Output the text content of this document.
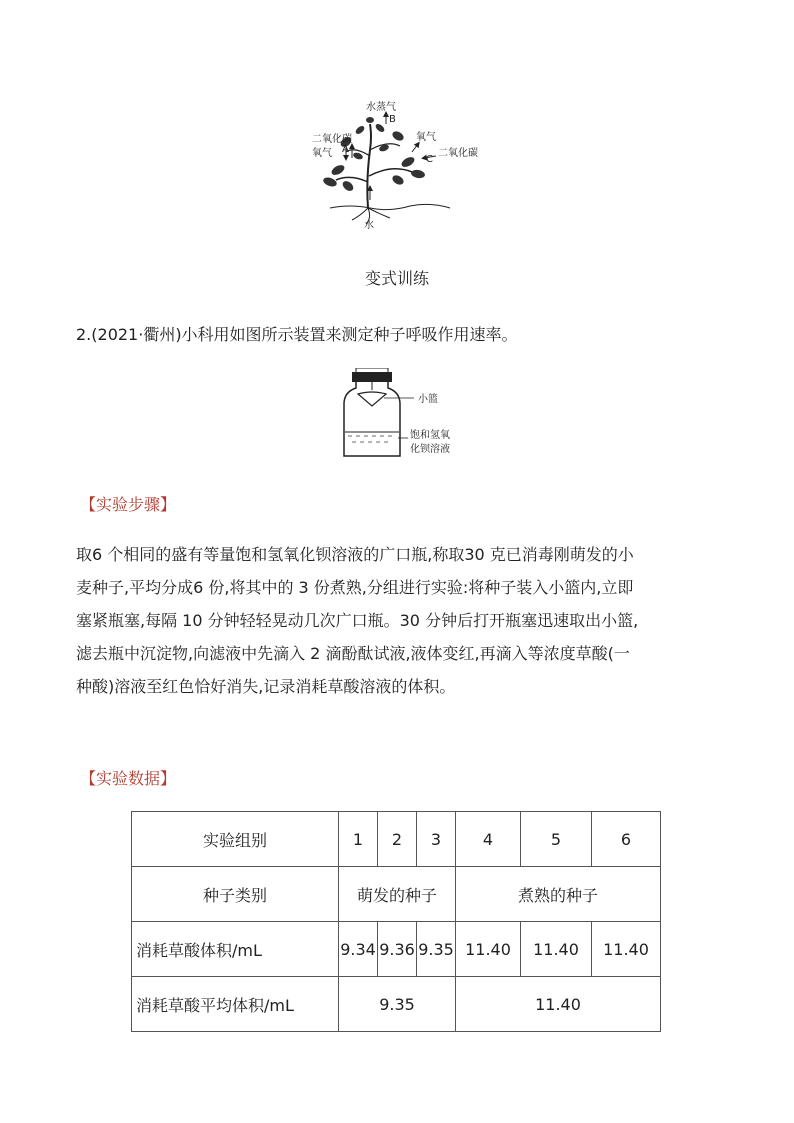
水蒸气
B
二氧化碳
氧气 A
氧气
C
二氧化碳
水
变式训练
2.(2021·衢州)小科用如图所示装置来测定种子呼吸作用速率。
小篮
饱和氢氧
化钡溶液
【实验步骤】

取6 个相同的盛有等量饱和氢氧化钡溶液的广口瓶,称取30 克已消毒刚萌发的小

麦种子,平均分成6 份,将其中的 3 份煮熟,分组进行实验:将种子装入小篮内,立即

塞紧瓶塞,每隔 10 分钟轻轻晃动几次广口瓶。30 分钟后打开瓶塞迅速取出小篮,

滤去瓶中沉淀物,向滤液中先滴入 2 滴酚酞试液,液体变红,再滴入等浓度草酸(一

种酸)溶液至红色恰好消失,记录消耗草酸溶液的体积。

【实验数据】
实验组别	1	2	3	4	5	6
种子类别	萌发的种子			煮熟的种子		
消耗草酸体积/mL	9.34	9.36	9.35	11.40	11.40	11.40
消耗草酸平均体积/mL	9.35			11.40		
